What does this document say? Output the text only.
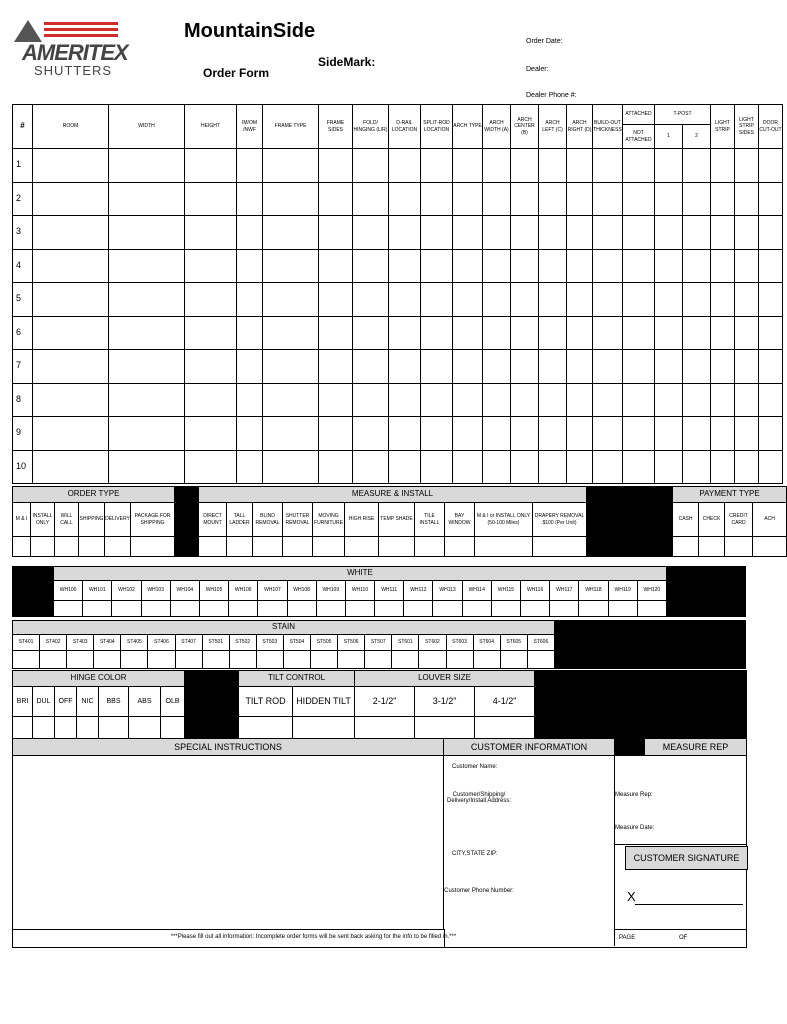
AMERITEX
SHUTTERS
MountainSide
Order Form
SideMark:
Order Date:
Dealer:
Dealer Phone #:
#	ROOM	WIDTH	HEIGHT	IM/OM /NWF	FRAME TYPE	FRAME SIDES	FOLD/ HINGING (L/R)	D-RAIL LOCATION	SPLIT-ROD LOCATION	ARCH TYPE	ARCH WIDTH (A)	ARCH CENTER (B)	ARCH LEFT (C)	ARCH RIGHT (D)	BUILD-OUT THICKNESS	ATTACHED	T-POST		LIGHT STRIP	LIGHT STRIP SIDES	DOOR CUT-OUT
																NOT ATTACHED	1	2			
1																					
2																					
3																					
4																					
5																					
6																					
7																					
8																					
9																					
10																					
ORDER TYPE							MEASURE & INSTALL												PAYMENT TYPE			
M & I	INSTALL ONLY	WILL CALL	SHIPPING	DELIVERY	PACKAGE FOR SHIPPING		DIRECT MOUNT	TALL LADDER	BLIND REMOVAL	SHUTTER REMOVAL	MOVING FURNITURE	HIGH RISE	TEMP SHADE	TILE INSTALL	BAY WINDOW	M & I or INSTALL ONLY (50-100 Miles)	DRAPERY REMOVAL $100 (Per Unit)		CASH	CHECK	CREDIT CARD	ACH

	WHITE	
	WH100	WH101	WH102	WH103	WH104	WH105	WH106	WH107	WH108	WH109	WH110	WH111	WH112	WH113	WH114	WH115	WH116	WH117	WH118	WH119	WH120	

STAIN	
ST401	ST402	ST403	ST404	ST405	ST406	ST407	ST501	ST502	ST503	ST504	ST505	ST506	ST507	ST601	ST602	ST603	ST604	ST605	ST606	

HINGE COLOR								TILT CONTROL		LOUVER SIZE			
BRI	DUL	OFF	NIC	BBS	ABS	OLB		TILT ROD	HIDDEN TILT	2-1/2"	3-1/2"	4-1/2"	

SPECIAL INSTRUCTIONS	CUSTOMER INFORMATION	MEASURE REP
Customer Name:
Customer/Shipping/ Delivery/Install Address:
CITY,STATE ZIP:
Customer Phone Number:
Measure Rep:
Measure Date:
CUSTOMER SIGNATURE
X
PAGE	OF
***Please fill out all information: Incomplete order forms will be sent back asking for the info to be filled in.***
